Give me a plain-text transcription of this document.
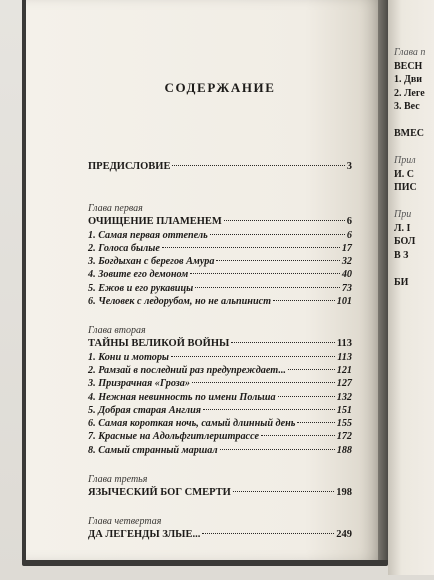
СОДЕРЖАНИЕ
ПРЕДИСЛОВИЕ	3
Глава первая
ОЧИЩЕНИЕ ПЛАМЕНЕМ	6
1. Самая первая оттепель	6
2. Голоса былые	17
3. Богдыхан с берегов Амура	32
4. Зовите его демоном	40
5. Ежов и его рукавицы	73
6. Человек с ледорубом, но не альпинист	101
Глава вторая
ТАЙНЫ ВЕЛИКОЙ ВОЙНЫ	113
1. Кони и моторы	113
2. Рамзай в последний раз предупреждает...	121
3. Призрачная «Гроза»	127
4. Нежная невинность по имени Польша	132
5. Добрая старая Англия	151
6. Самая короткая ночь, самый длинный день	155
7. Красные на Адольфгитлерштрассе	172
8. Самый странный маршал	188
Глава третья
ЯЗЫЧЕСКИЙ БОГ СМЕРТИ	198
Глава четвертая
ДА ЛЕГЕНДЫ ЗЛЫЕ...	249
Глава п
ВЕСН
1. Дви
2. Леге
3. Вес

ВМЕС

Прил
И. С
ПИС

При
Л. I
БОЛ
В З

БИ
